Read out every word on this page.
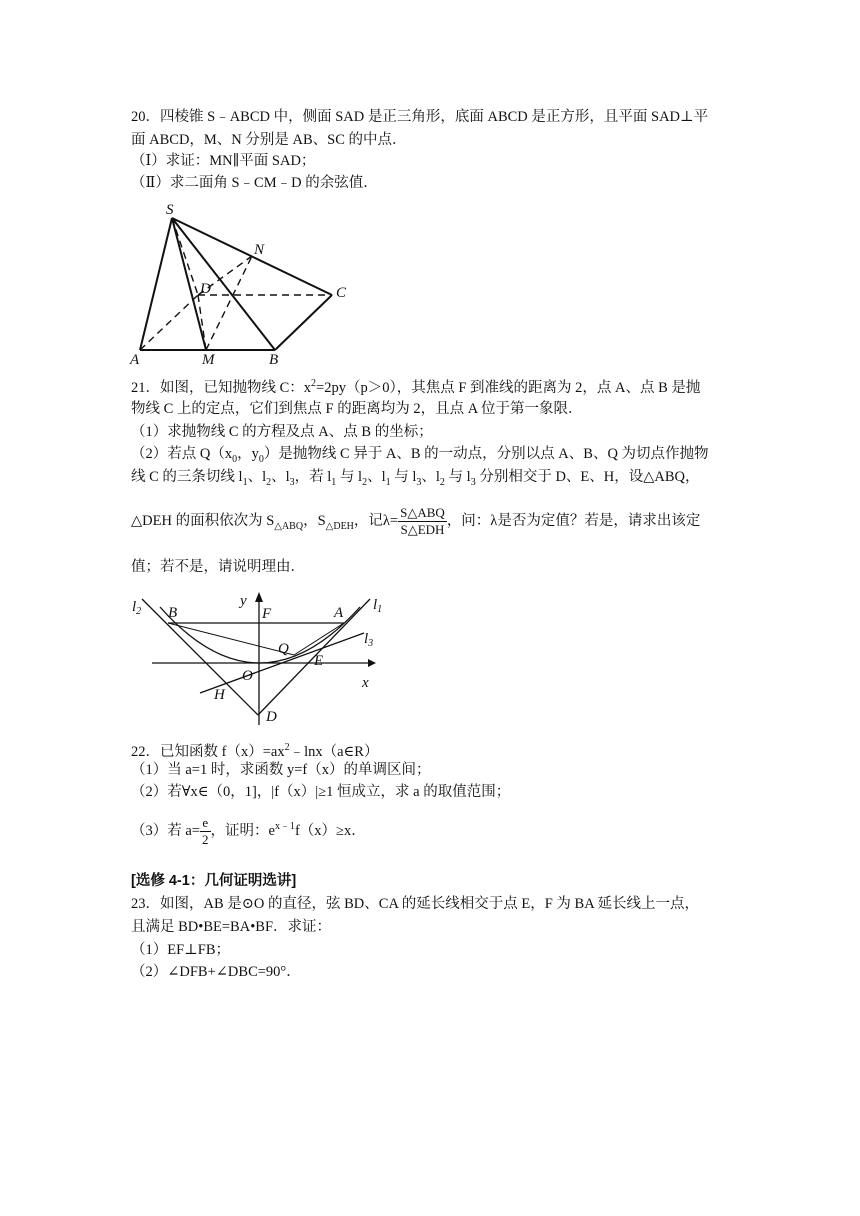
20．四棱锥 S﹣ABCD 中，侧面 SAD 是正三角形，底面 ABCD 是正方形，且平面 SAD⊥平
面 ABCD，M、N 分别是 AB、SC 的中点．
（Ⅰ）求证：MN∥平面 SAD；
（Ⅱ）求二面角 S﹣CM﹣D 的余弦值．
S
N
D	C
A	M	B
21．如图，已知抛物线 C：$x^2=2py(p>0)$，其焦点 F 到准线的距离为 2，点 A、点 B 是抛
物线 C 上的定点，它们到焦点 F 的距离均为 2，且点 A 位于第一象限．
（1）求抛物线 C 的方程及点 A、点 B 的坐标；
（2）若点 $Q(x_0$，$y_0$）是抛物线 C 异于 A、B 的一动点，分别以点 A、B、Q 为切点作抛物
线 C 的三条切线 $l_1$、$l_2$、$l_3$，若 $l_1$ 与 $l_2$、$l_1$ 与 $l_3$、$l_2$ 与 $l_3$ 分别相交于 D、E、H，设△ABQ，
△DEH 的面积依次为 $S_{\triangle ABQ}$，$S_{\triangle DEH}$，记$\lambda= \frac{\text{S△ABQ}}{\text{S△EDH}}$ ，问：λ是否为定值？若是，请求出该定
值；若不是，请说明理由．
$l_2$ B
y
F	A $l_1$
$l_3$
Q
E
O
H
x
D
22．已知函数 $f(x)=ax^2﹣\ln x(a\in R)$
（1）当 a=1 时，求函数 y=f（x）的单调区间；
（2）若∀x∈（0，1]，|f（x）|≥1 恒成立，求 a 的取值范围；
（3）若 $a= \frac{e}{2}$ ，证明：$e^{x﹣1}f(x)\ge x$．
[选修 4-1：几何证明选讲]
23．如图，AB 是⊙O 的直径，弦 BD、CA 的延长线相交于点 E，F 为 BA 延长线上一点，
且满足 BD•BE=BA•BF．求证：
（1）EF⊥FB；
（2）∠DFB+∠DBC=90°．
